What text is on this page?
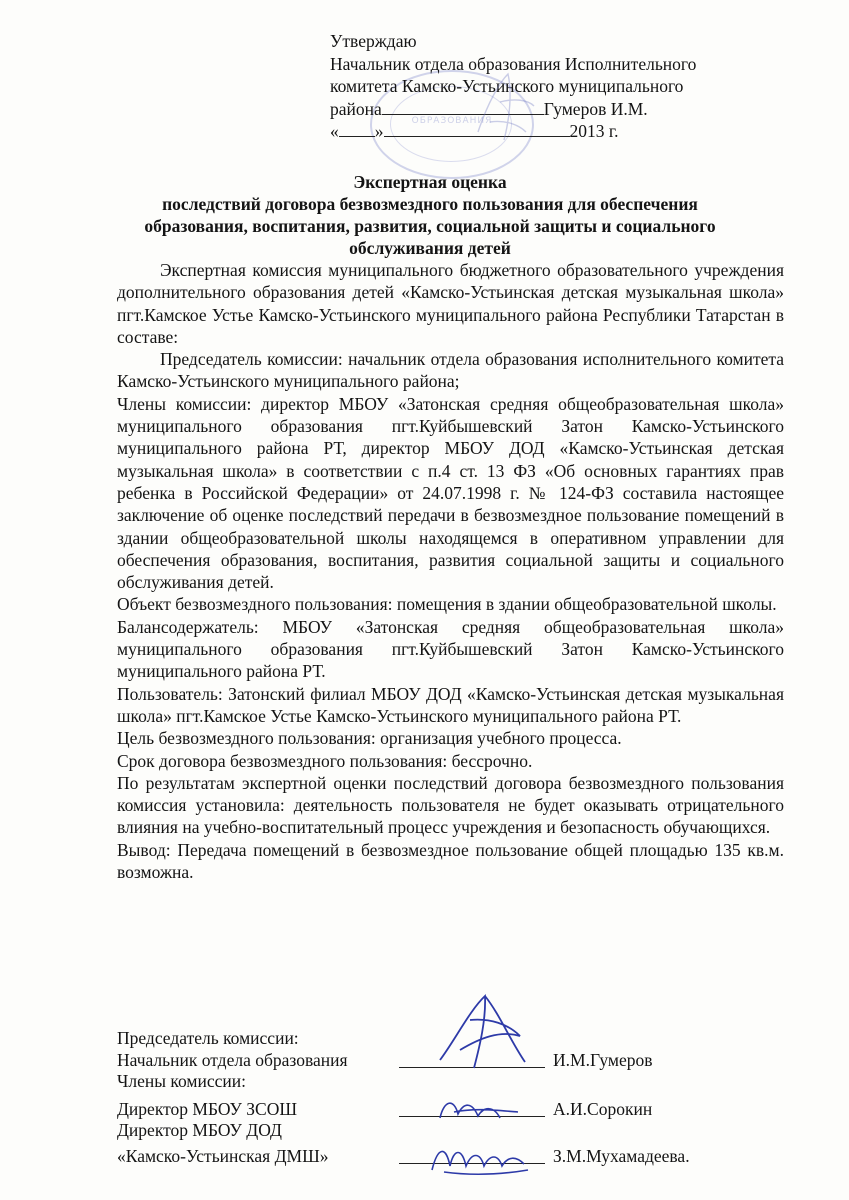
ОБРАЗОВАНИЯ
Утверждаю
Начальник отдела образования Исполнительного
комитета Камско-Устьинского муниципального
района	Гумеров И.М.
« »	2013 г.
Экспертная оценка
последствий договора безвозмездного пользования для обеспечения
образования, воспитания, развития, социальной защиты и социального
обслуживания детей

Экспертная комиссия муниципального бюджетного образовательного учреждения дополнительного образования детей «Камско-Устьинская детская музыкальная школа» пгт.Камское Устье Камско-Устьинского муниципального района Республики Татарстан в составе:

Председатель комиссии: начальник отдела образования исполнительного комитета Камско-Устьинского муниципального района;

Члены комиссии: директор МБОУ «Затонская средняя общеобразовательная школа» муниципального образования пгт.Куйбышевский Затон Камско-Устьинского муниципального района РТ, директор МБОУ ДОД «Камско-Устьинская детская музыкальная школа» в соответствии с п.4 ст. 13 ФЗ «Об основных гарантиях прав ребенка в Российской Федерации» от 24.07.1998 г. № 124-ФЗ составила настоящее заключение об оценке последствий передачи в безвозмездное пользование помещений в здании общеобразовательной школы находящемся в оперативном управлении для обеспечения образования, воспитания, развития социальной защиты и социального обслуживания детей.

Объект безвозмездного пользования: помещения в здании общеобразовательной школы.

Балансодержатель: МБОУ «Затонская средняя общеобразовательная школа» муниципального образования пгт.Куйбышевский Затон Камско-Устьинского муниципального района РТ.

Пользователь: Затонский филиал МБОУ ДОД «Камско-Устьинская детская музыкальная школа» пгт.Камское Устье Камско-Устьинского муниципального района РТ.

Цель безвозмездного пользования: организация учебного процесса.

Срок договора безвозмездного пользования: бессрочно.

По результатам экспертной оценки последствий договора безвозмездного пользования комиссия установила: деятельность пользователя не будет оказывать отрицательного влияния на учебно-воспитательный процесс учреждения и безопасность обучающихся.

Вывод: Передача помещений в безвозмездное пользование общей площадью 135 кв.м. возможна.

Председатель комиссии:
Начальник отдела образования	И.М.Гумеров
Члены комиссии:
Директор МБОУ ЗСОШ	А.И.Сорокин
Директор МБОУ ДОД
«Камско-Устьинская ДМШ»	З.М.Мухамадеева.
